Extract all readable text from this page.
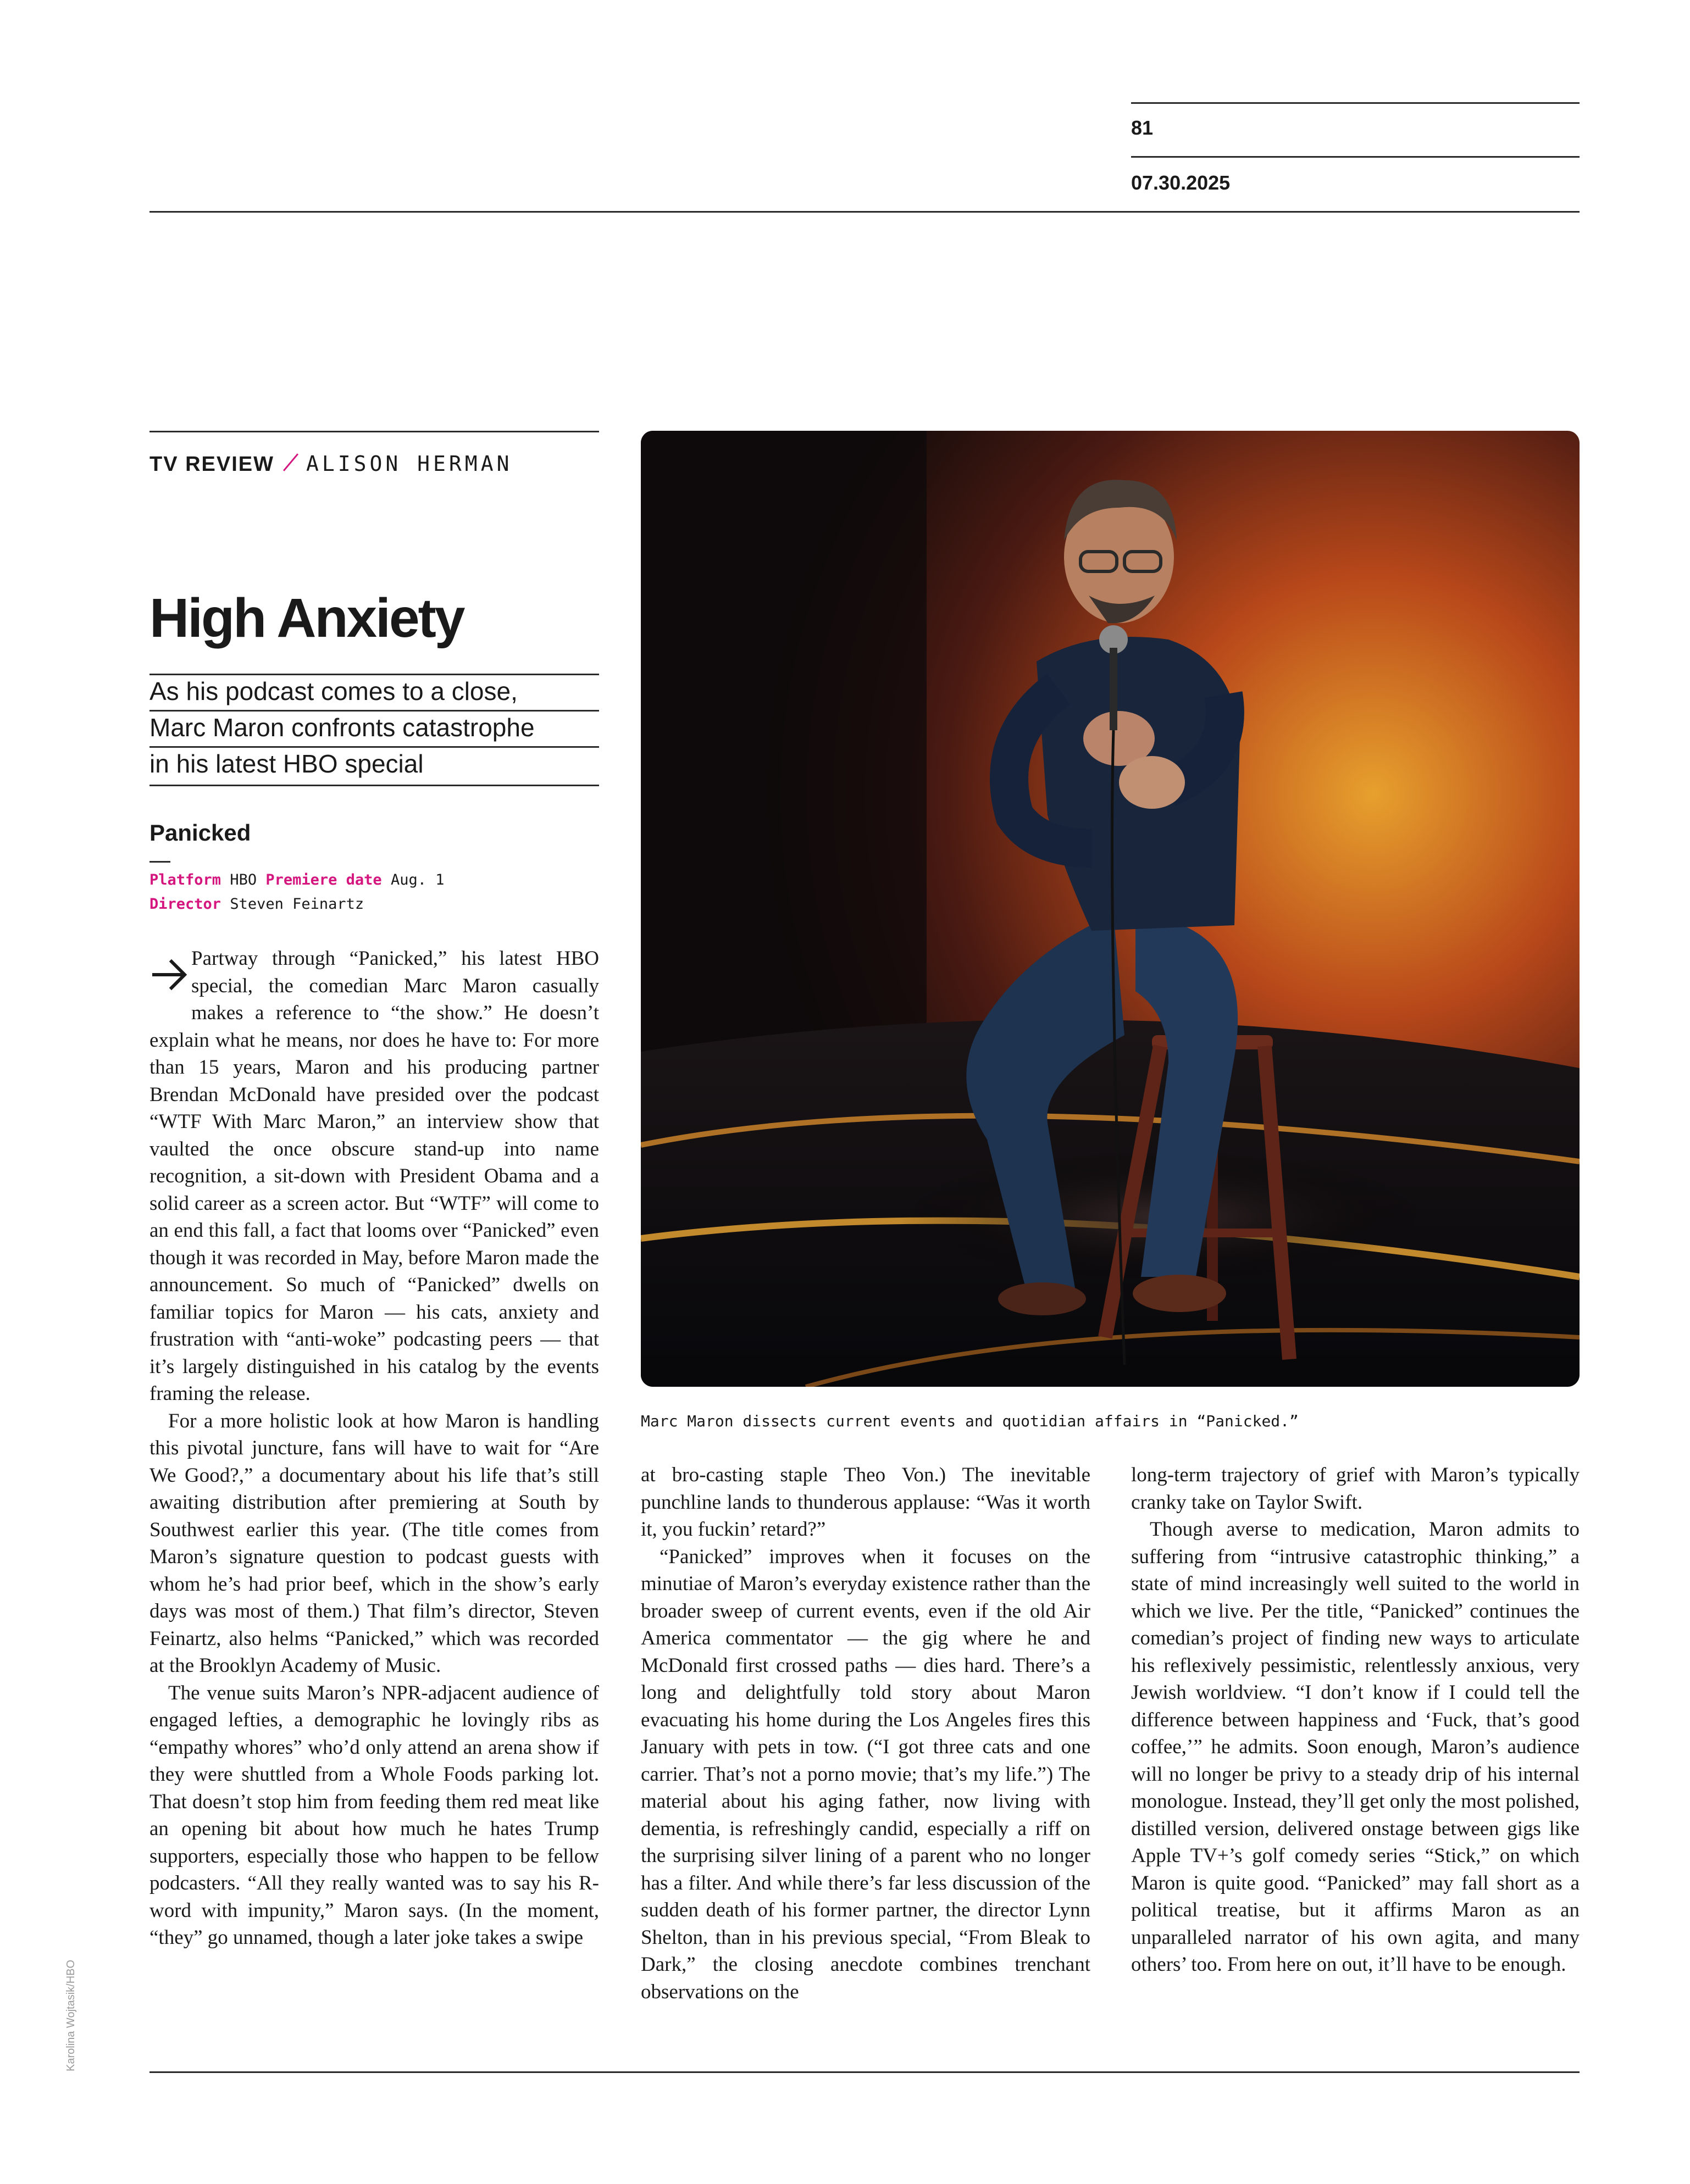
81
07.30.2025
TV REVIEW ALISON HERMAN
High Anxiety
As his podcast comes to a close,
Marc Maron confronts catastrophe
in his latest HBO special
Panicked
Platform HBO Premiere date Aug. 1
Director Steven Feinartz
Marc Maron dissects current events and quotidian affairs in “Panicked.”

Partway through “Panicked,” his latest HBO special, the comedian Marc Maron casually makes a reference to “the show.” He doesn’t explain what he means, nor does he have to: For more than 15 years, Maron and his producing partner Brendan McDonald have presided over the podcast “WTF With Marc Maron,” an interview show that vaulted the once obscure stand-up into name recognition, a sit-down with President Obama and a solid career as a screen actor. But “WTF” will come to an end this fall, a fact that looms over “Panicked” even though it was recorded in May, before Maron made the announcement. So much of “Panicked” dwells on familiar topics for Maron — his cats, anxiety and frustration with “anti-woke” podcasting peers — that it’s largely distinguished in his catalog by the events framing the release.

For a more holistic look at how Maron is handling this pivotal juncture, fans will have to wait for “Are We Good?,” a documentary about his life that’s still awaiting distribution after premiering at South by Southwest earlier this year. (The title comes from Maron’s signature question to podcast guests with whom he’s had prior beef, which in the show’s early days was most of them.) That film’s director, Steven Feinartz, also helms “Panicked,” which was recorded at the Brooklyn Academy of Music.

The venue suits Maron’s NPR-adjacent audience of engaged lefties, a demographic he lovingly ribs as “empathy whores” who’d only attend an arena show if they were shuttled from a Whole Foods parking lot. That doesn’t stop him from feeding them red meat like an opening bit about how much he hates Trump supporters, especially those who happen to be fellow podcasters. “All they really wanted was to say his R-word with impunity,” Maron says. (In the moment, “they” go unnamed, though a later joke takes a swipe

at bro-casting staple Theo Von.) The inevitable punchline lands to thunderous applause: “Was it worth it, you fuckin’ retard?”

“Panicked” improves when it focuses on the minutiae of Maron’s everyday existence rather than the broader sweep of current events, even if the old Air America commentator — the gig where he and McDonald first crossed paths — dies hard. There’s a long and delightfully told story about Maron evacuating his home during the Los Angeles fires this January with pets in tow. (“I got three cats and one carrier. That’s not a porno movie; that’s my life.”) The material about his aging father, now living with dementia, is refreshingly candid, especially a riff on the surprising silver lining of a parent who no longer has a filter. And while there’s far less discussion of the sudden death of his former partner, the director Lynn Shelton, than in his previous special, “From Bleak to Dark,” the closing anecdote combines trenchant observations on the

long-term trajectory of grief with Maron’s typically cranky take on Taylor Swift.

Though averse to medication, Maron admits to suffering from “intrusive catastrophic thinking,” a state of mind increasingly well suited to the world in which we live. Per the title, “Panicked” continues the comedian’s project of finding new ways to articulate his reflexively pessimistic, relentlessly anxious, very Jewish worldview. “I don’t know if I could tell the difference between happiness and ‘Fuck, that’s good coffee,’” he admits. Soon enough, Maron’s audience will no longer be privy to a steady drip of his internal monologue. Instead, they’ll get only the most polished, distilled version, delivered onstage between gigs like Apple TV+’s golf comedy series “Stick,” on which Maron is quite good. “Panicked” may fall short as a political treatise, but it affirms Maron as an unparalleled narrator of his own agita, and many others’ too. From here on out, it’ll have to be enough.

Karolina Wojtasik/HBO
